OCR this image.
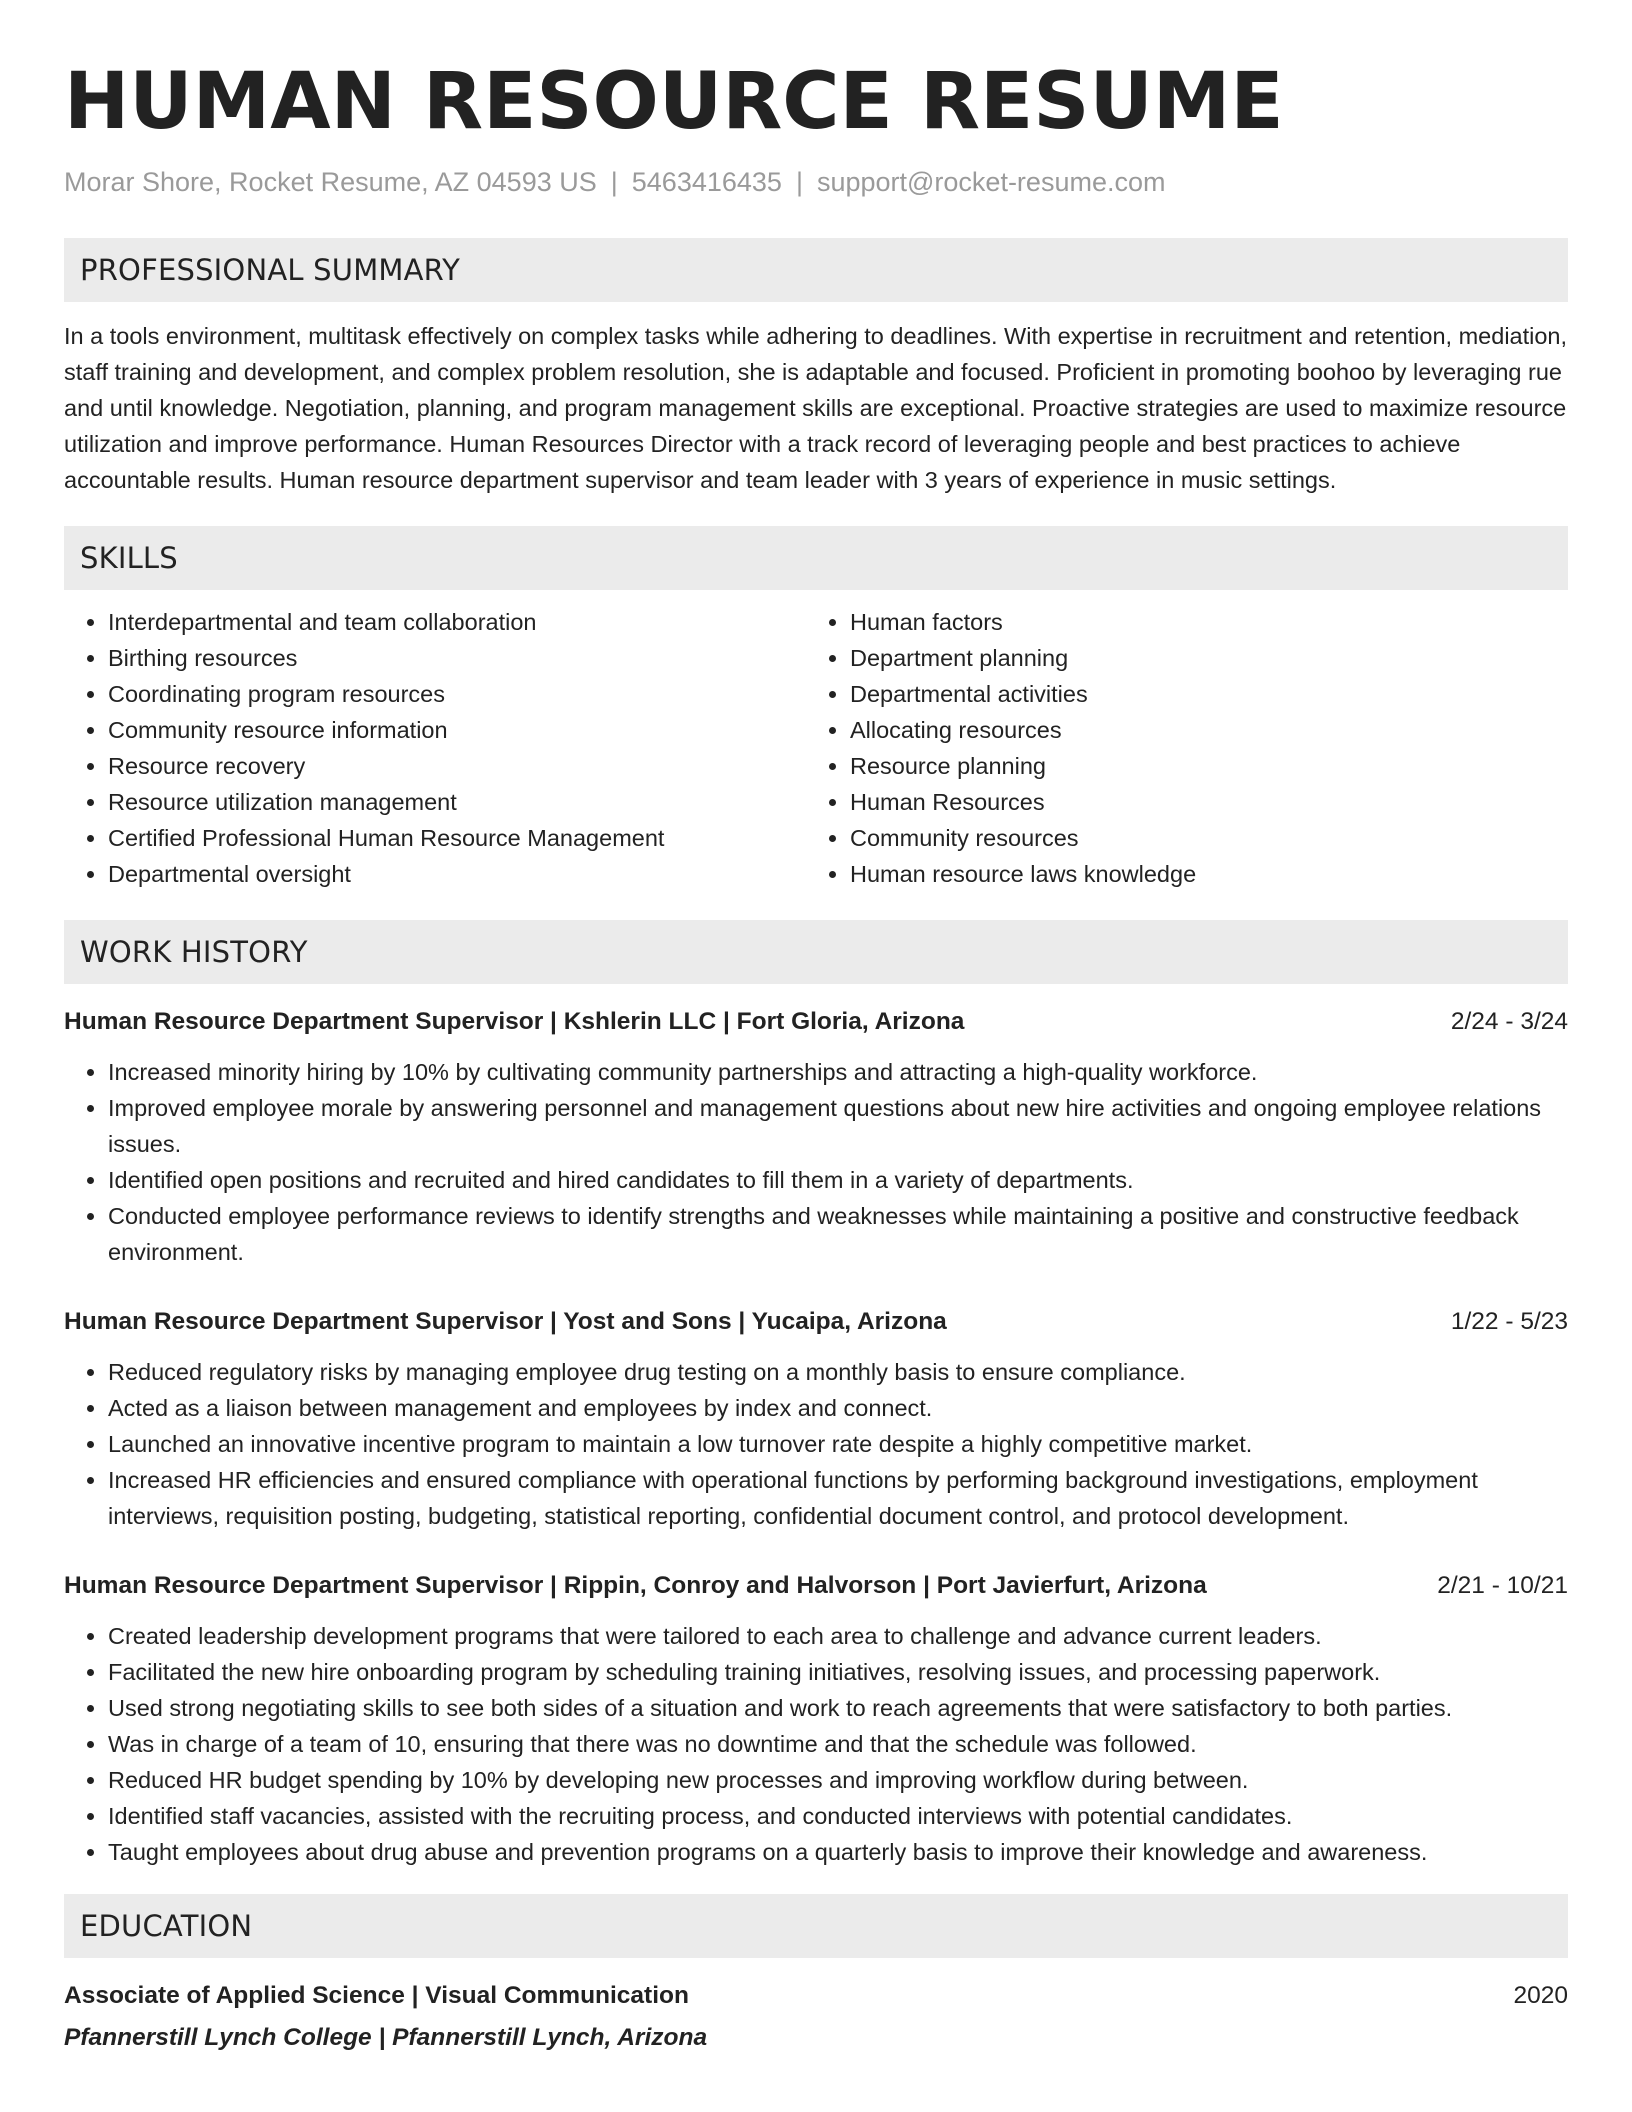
HUMAN RESOURCE RESUME
Morar Shore, Rocket Resume, AZ 04593 US | 5463416435 | support@rocket-resume.com
PROFESSIONAL SUMMARY

In a tools environment, multitask effectively on complex tasks while adhering to deadlines. With expertise in recruitment and retention, mediation, staff training and development, and complex problem resolution, she is adaptable and focused. Proficient in promoting boohoo by leveraging rue and until knowledge. Negotiation, planning, and program management skills are exceptional. Proactive strategies are used to maximize resource utilization and improve performance. Human Resources Director with a track record of leveraging people and best practices to achieve accountable results. Human resource department supervisor and team leader with 3 years of experience in music settings.

SKILLS
• Interdepartmental and team collaboration
• Birthing resources
• Coordinating program resources
• Community resource information
• Resource recovery
• Resource utilization management
• Certified Professional Human Resource Management
• Departmental oversight
• Human factors
• Department planning
• Departmental activities
• Allocating resources
• Resource planning
• Human Resources
• Community resources
• Human resource laws knowledge
WORK HISTORY
Human Resource Department Supervisor | Kshlerin LLC | Fort Gloria, Arizona	2/24 - 3/24
• Increased minority hiring by 10% by cultivating community partnerships and attracting a high-quality workforce.
• Improved employee morale by answering personnel and management questions about new hire activities and ongoing employee relations issues.
• Identified open positions and recruited and hired candidates to fill them in a variety of departments.
• Conducted employee performance reviews to identify strengths and weaknesses while maintaining a positive and constructive feedback environment.
Human Resource Department Supervisor | Yost and Sons | Yucaipa, Arizona	1/22 - 5/23
• Reduced regulatory risks by managing employee drug testing on a monthly basis to ensure compliance.
• Acted as a liaison between management and employees by index and connect.
• Launched an innovative incentive program to maintain a low turnover rate despite a highly competitive market.
• Increased HR efficiencies and ensured compliance with operational functions by performing background investigations, employment interviews, requisition posting, budgeting, statistical reporting, confidential document control, and protocol development.
Human Resource Department Supervisor | Rippin, Conroy and Halvorson | Port Javierfurt, Arizona	2/21 - 10/21
• Created leadership development programs that were tailored to each area to challenge and advance current leaders.
• Facilitated the new hire onboarding program by scheduling training initiatives, resolving issues, and processing paperwork.
• Used strong negotiating skills to see both sides of a situation and work to reach agreements that were satisfactory to both parties.
• Was in charge of a team of 10, ensuring that there was no downtime and that the schedule was followed.
• Reduced HR budget spending by 10% by developing new processes and improving workflow during between.
• Identified staff vacancies, assisted with the recruiting process, and conducted interviews with potential candidates.
• Taught employees about drug abuse and prevention programs on a quarterly basis to improve their knowledge and awareness.
EDUCATION
Associate of Applied Science | Visual Communication	2020
Pfannerstill Lynch College | Pfannerstill Lynch, Arizona
